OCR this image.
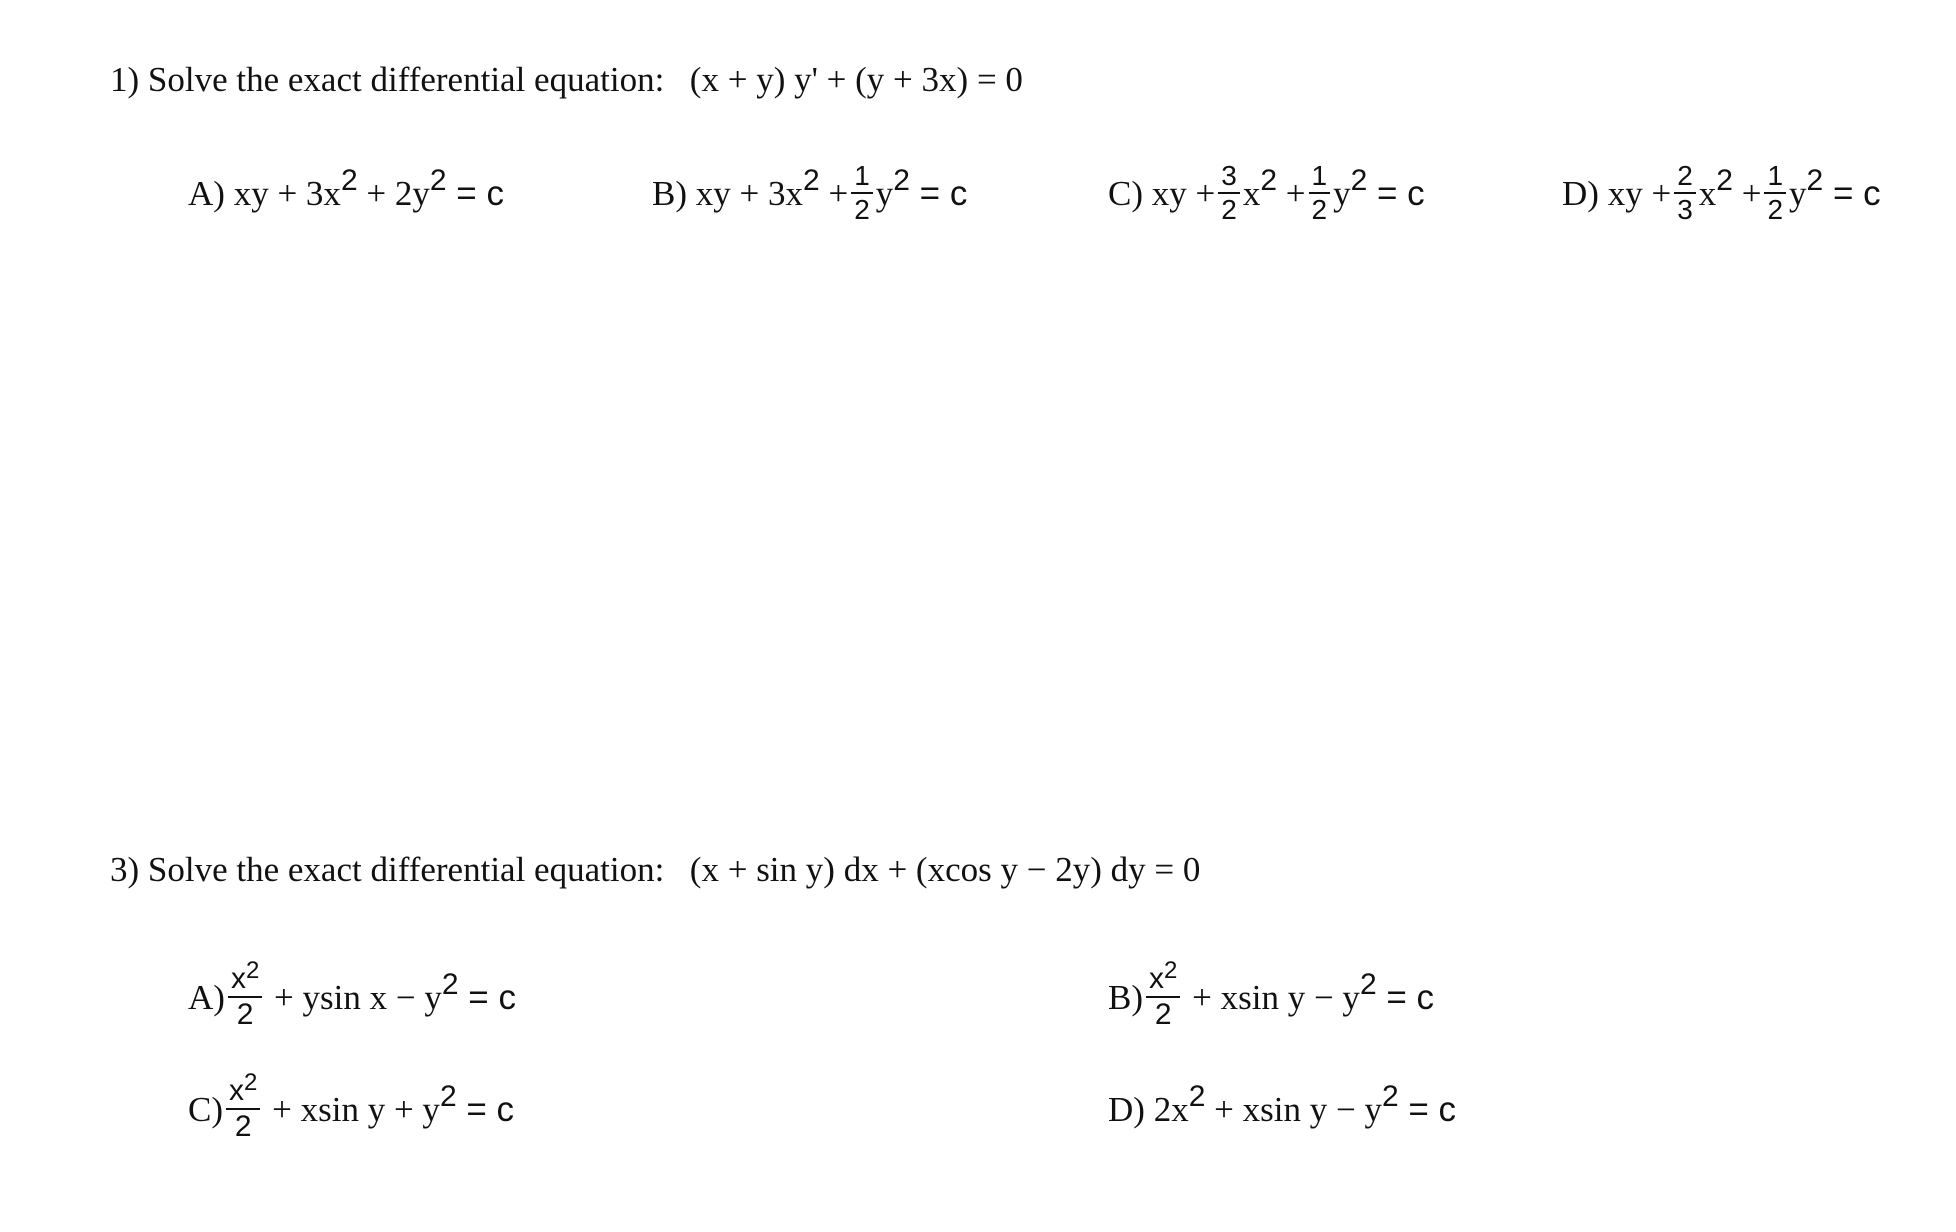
1) Solve the exact differential equation: (x + y) y' + (y + 3x) = 0
A)
xy + 3x 2 + 2y 2 = c	B)
xy + 3x $2 + \frac{1}{2}$ y 2 = c	C)
xy + $\frac{3}{2}$ x $2 + \frac{1}{2}$ y 2 = c	D)
xy + $\frac{2}{3}$ x $2 + \frac{1}{2}$ y 2 = c
3) Solve the exact differential equation: (x + sin y) dx + (xcos y − 2y) dy = 0
$A) \frac{x^2}{2} + ysin$ x − y 2 = c	$B) \frac{x^2}{2} + xsin$ y − y 2 = c
$C) \frac{x^2}{2} + xsin$ y + y 2 = c	D)
2x 2 + xsin y − y 2 = c
